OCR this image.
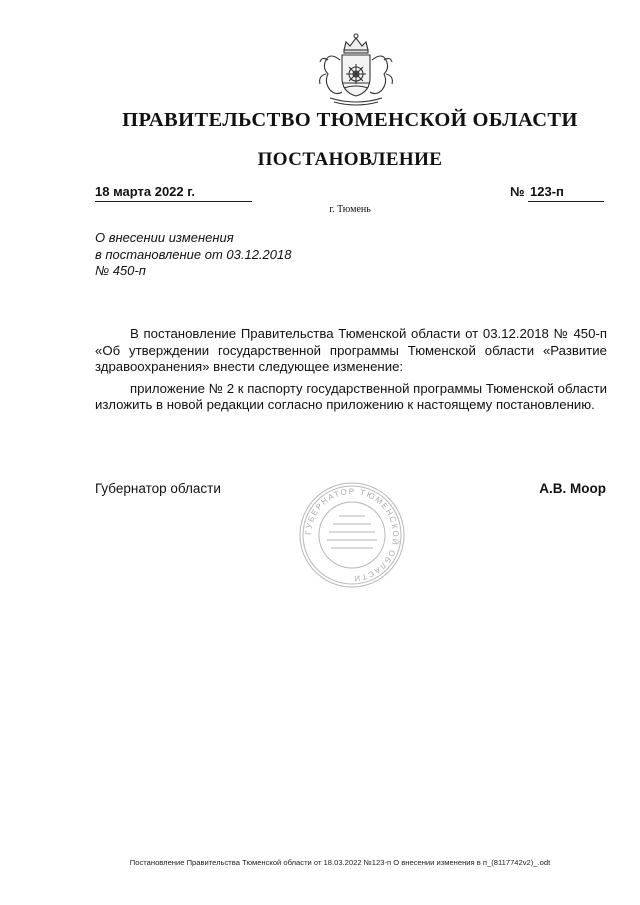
ПРАВИТЕЛЬСТВО ТЮМЕНСКОЙ ОБЛАСТИ
ПОСТАНОВЛЕНИЕ
18 марта 2022 г.	№ 123-п
г. Тюмень
О внесении изменения
в постановление от 03.12.2018
№ 450-п

В постановление Правительства Тюменской области от 03.12.2018 № 450-п «Об утверждении государственной программы Тюменской области «Развитие здравоохранения» внести следующее изменение:

приложение № 2 к паспорту государственной программы Тюменской области изложить в новой редакции согласно приложению к настоящему постановлению.

Губернатор области	А.В. Моор
ГУБЕРНАТОР ТЮМЕНСКОЙ ОБЛАСТИ
Постановление Правительства Тюменской области от 18.03.2022 №123-п О внесении изменения в п_(8117742v2)_.odt
